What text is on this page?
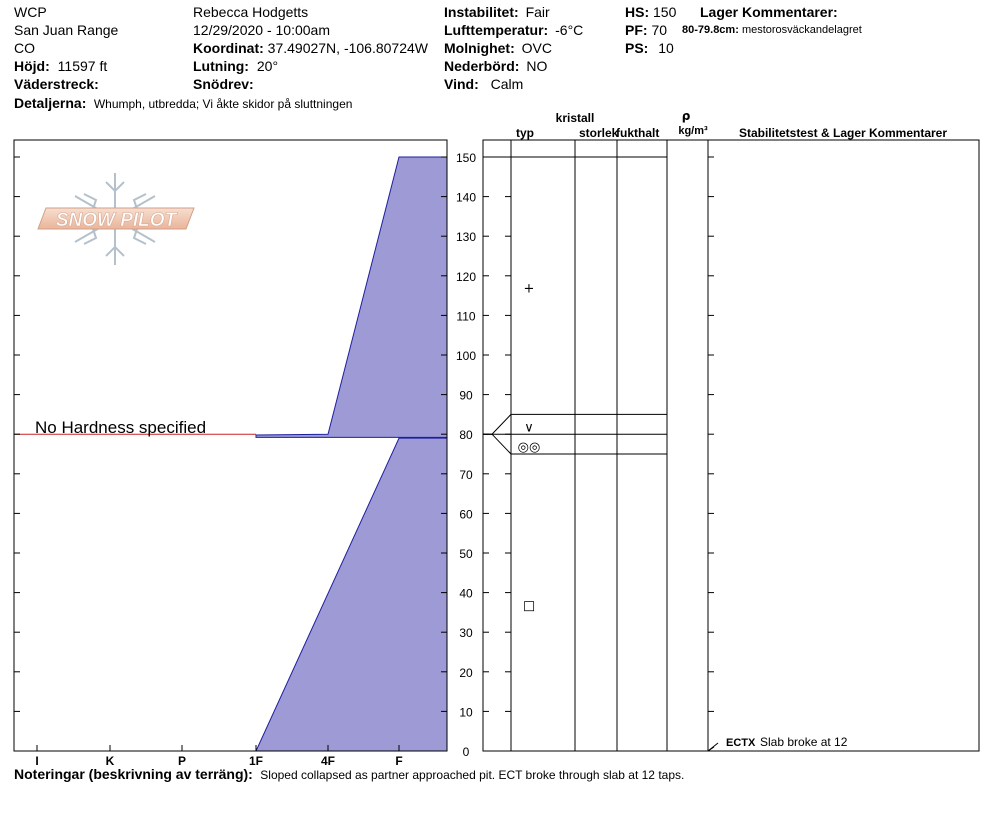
WCP
San Juan Range
CO
Höjd: 11597 ft
Väderstreck:
Detaljerna: Whumph, utbredda; Vi åkte skidor på sluttningen
Rebecca Hodgetts
12/29/2020 - 10:00am
Koordinat: 37.49027N, -106.80724W
Lutning: 20°
Snödrev:
Instabilitet: Fair
Lufttemperatur: -6°C
Molnighet: OVC
Nederbörd: NO
Vind: Calm
HS: 150
PF: 70
PS: 10
Lager Kommentarer:
80-79.8cm: mestorosväckandelagret
Noteringar (beskrivning av terräng): Sloped collapsed as partner approached pit. ECT broke through slab at 12 taps.
SNOW PILOT
No Hardness specified
I	K	P	1F	4F	F
0
10
20
30
40
50
60
70
80
90
100
110
120
130
140
150
+
∨
◎◎
□
kristall
typ	storlek
fukthalt
ρ
kg/m³	Stabilitetstest & Lager Kommentarer
ECTX Slab broke at 12
